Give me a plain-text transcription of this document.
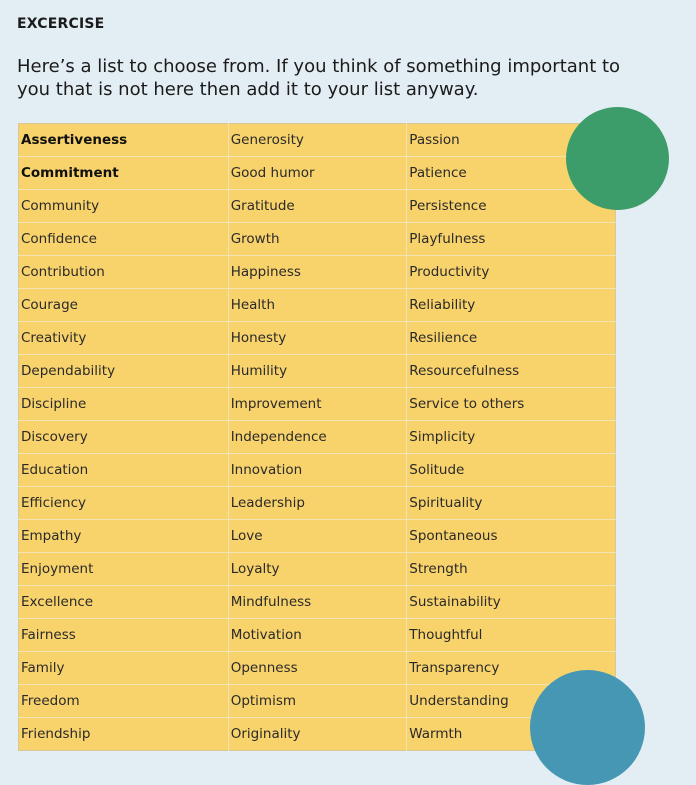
EXCERCISE

Here’s a list to choose from. If you think of something important to you that is not here then add it to your list anyway.

Assertiveness	Generosity	Passion
Commitment	Good humor	Patience
Community	Gratitude	Persistence
Confidence	Growth	Playfulness
Contribution	Happiness	Productivity
Courage	Health	Reliability
Creativity	Honesty	Resilience
Dependability	Humility	Resourcefulness
Discipline	Improvement	Service to others
Discovery	Independence	Simplicity
Education	Innovation	Solitude
Efficiency	Leadership	Spirituality
Empathy	Love	Spontaneous
Enjoyment	Loyalty	Strength
Excellence	Mindfulness	Sustainability
Fairness	Motivation	Thoughtful
Family	Openness	Transparency
Freedom	Optimism	Understanding
Friendship	Originality	Warmth
